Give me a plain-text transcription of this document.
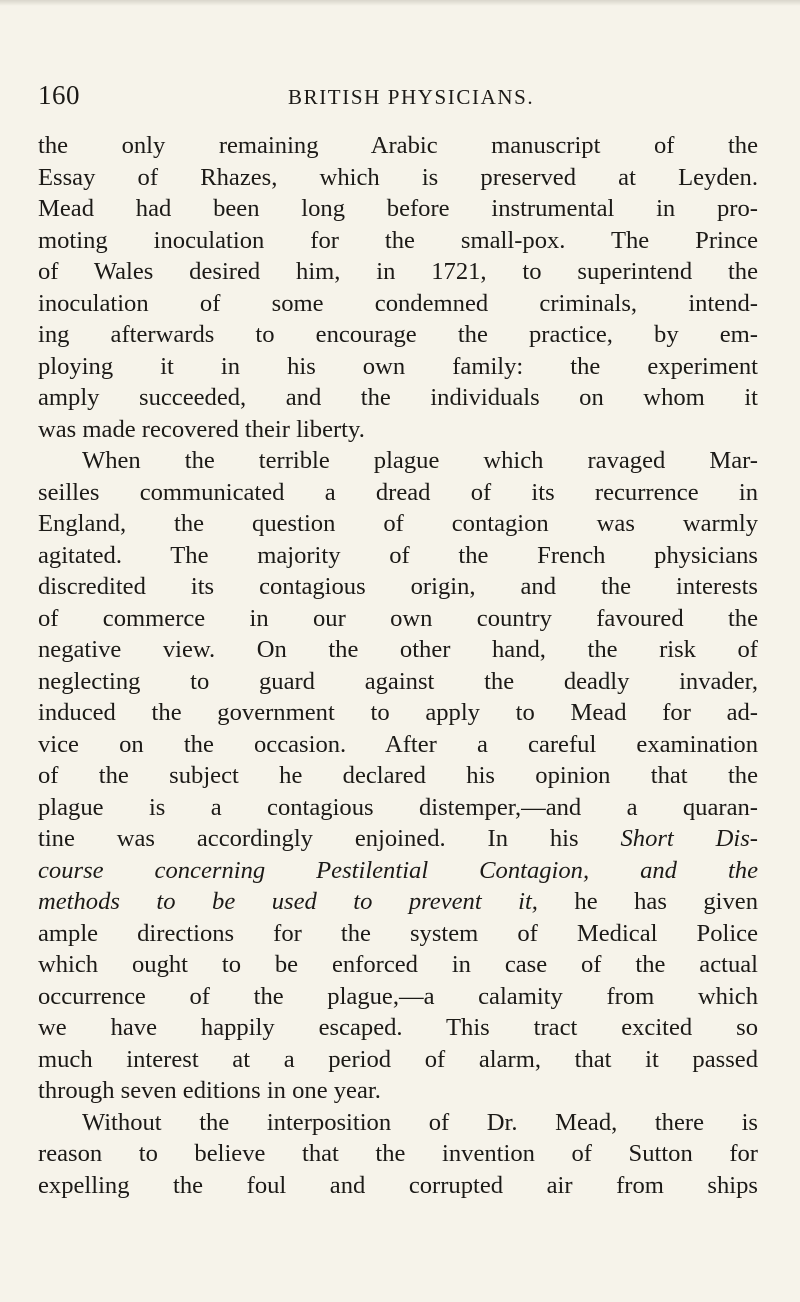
160	BRITISH PHYSICIANS.
the only remaining Arabic manuscript of the
Essay of Rhazes, which is preserved at Leyden.
Mead had been long before instrumental in pro-
moting inoculation for the small-pox. The Prince
of Wales desired him, in 1721, to superintend the
inoculation of some condemned criminals, intend-
ing afterwards to encourage the practice, by em-
ploying it in his own family: the experiment
amply succeeded, and the individuals on whom it
was made recovered their liberty.
When the terrible plague which ravaged Mar-
seilles communicated a dread of its recurrence in
England, the question of contagion was warmly
agitated. The majority of the French physicians
discredited its contagious origin, and the interests
of commerce in our own country favoured the
negative view. On the other hand, the risk of
neglecting to guard against the deadly invader,
induced the government to apply to Mead for ad-
vice on the occasion. After a careful examination
of the subject he declared his opinion that the
plague is a contagious distemper,—and a quaran-
tine was accordingly enjoined. In his Short Dis-
course concerning Pestilential Contagion, and the
methods to be used to prevent it, he has given
ample directions for the system of Medical Police
which ought to be enforced in case of the actual
occurrence of the plague,—a calamity from which
we have happily escaped. This tract excited so
much interest at a period of alarm, that it passed
through seven editions in one year.
Without the interposition of Dr. Mead, there is
reason to believe that the invention of Sutton for
expelling the foul and corrupted air from ships
